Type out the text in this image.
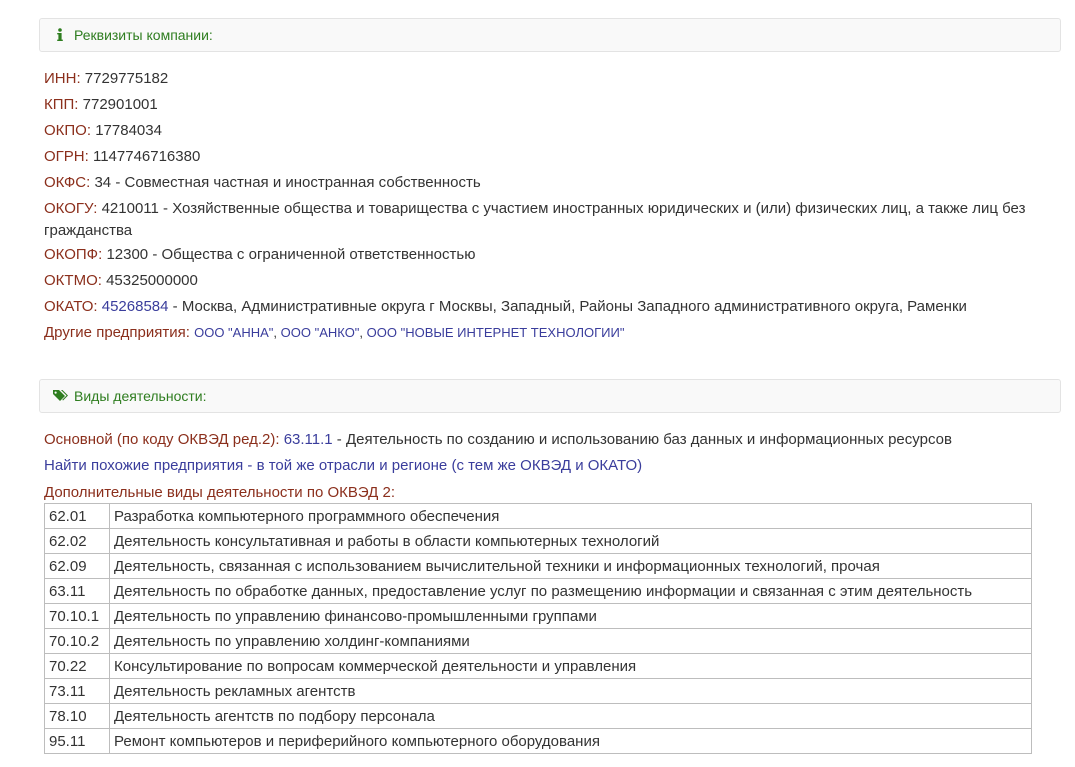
Реквизиты компании:
ИНН: 7729775182
КПП: 772901001
ОКПО: 17784034
ОГРН: 1147746716380
ОКФС: 34 - Совместная частная и иностранная собственность
ОКОГУ: 4210011 - Хозяйственные общества и товарищества с участием иностранных юридических и (или) физических лиц, а также лиц без гражданства
ОКОПФ: 12300 - Общества с ограниченной ответственностью
ОКТМО: 45325000000
ОКАТО: 45268584 - Москва, Административные округа г Москвы, Западный, Районы Западного административного округа, Раменки
Другие предприятия: ООО "АННА", ООО "АНКО", ООО "НОВЫЕ ИНТЕРНЕТ ТЕХНОЛОГИИ"
Виды деятельности:
Основной (по коду ОКВЭД ред.2): 63.11.1 - Деятельность по созданию и использованию баз данных и информационных ресурсов
Найти похожие предприятия - в той же отрасли и регионе (с тем же ОКВЭД и ОКАТО)
Дополнительные виды деятельности по ОКВЭД 2:
62.01	Разработка компьютерного программного обеспечения
62.02	Деятельность консультативная и работы в области компьютерных технологий
62.09	Деятельность, связанная с использованием вычислительной техники и информационных технологий, прочая
63.11	Деятельность по обработке данных, предоставление услуг по размещению информации и связанная с этим деятельность
70.10.1	Деятельность по управлению финансово-промышленными группами
70.10.2	Деятельность по управлению холдинг-компаниями
70.22	Консультирование по вопросам коммерческой деятельности и управления
73.11	Деятельность рекламных агентств
78.10	Деятельность агентств по подбору персонала
95.11	Ремонт компьютеров и периферийного компьютерного оборудования
